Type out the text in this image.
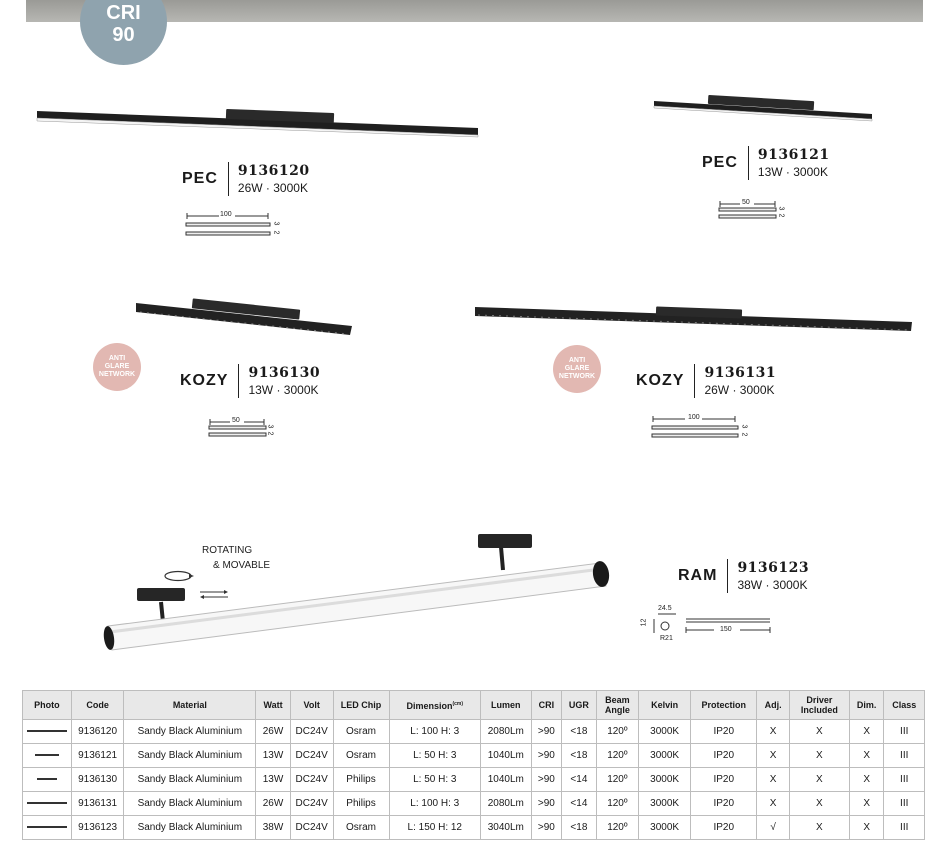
CRI
90
PEC	9136120
26W · 3000K
PEC	9136121
13W · 3000K
KOZY	9136130
13W · 3000K
KOZY	9136131
26W · 3000K
RAM	9136123
38W · 3000K
100
3
2
50
3
2
50
3
2
100
3
2
24.5
12
R21
150
ANTI
GLARE
NETWORK
ANTI
GLARE
NETWORK
ROTATING
& MOVABLE
Photo	Code	Material	Watt	Volt	LED Chip	Dimension$^{(cm)}$	Lumen	CRI	UGR	Beam Angle	Kelvin	Protection	Adj.	Driver Included	Dim.	Class
	9136120	Sandy Black Aluminium	26W	DC24V	Osram	L: 100 H: 3	2080Lm	>90	<18	120º	3000K	IP20	X	X	X	III
	9136121	Sandy Black Aluminium	13W	DC24V	Osram	L: 50 H: 3	1040Lm	>90	<18	120º	3000K	IP20	X	X	X	III
	9136130	Sandy Black Aluminium	13W	DC24V	Philips	L: 50 H: 3	1040Lm	>90	<14	120º	3000K	IP20	X	X	X	III
	9136131	Sandy Black Aluminium	26W	DC24V	Philips	L: 100 H: 3	2080Lm	>90	<14	120º	3000K	IP20	X	X	X	III
	9136123	Sandy Black Aluminium	38W	DC24V	Osram	L: 150 H: 12	3040Lm	>90	<18	120º	3000K	IP20	√	X	X	III
